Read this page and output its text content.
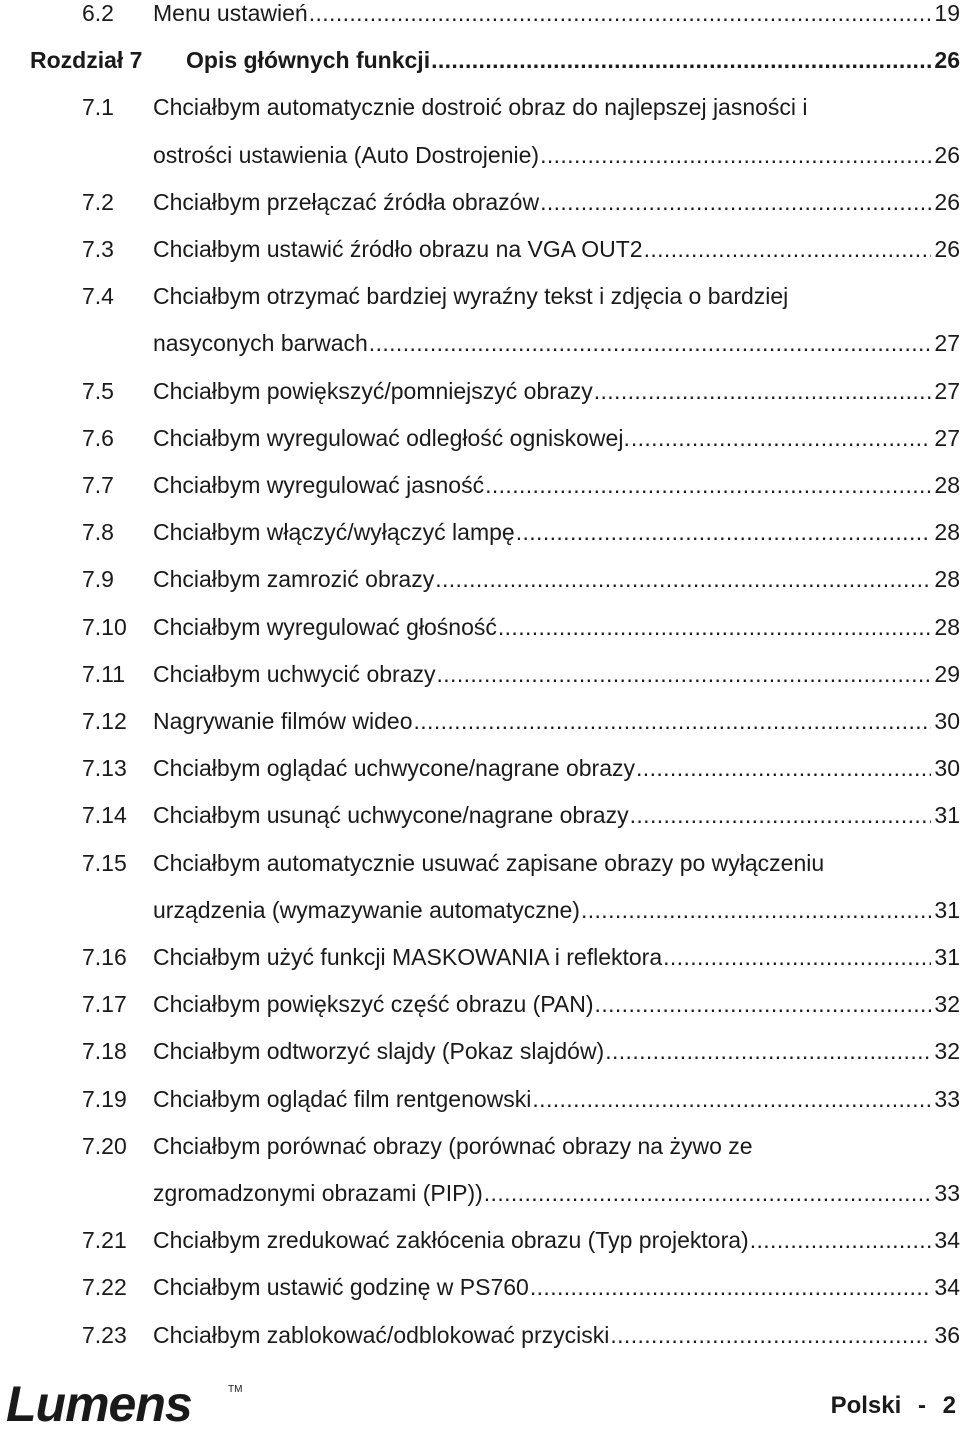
6.2 Menu ustawień . . .	19
Rozdział 7 Opis głównych funkcji . . .	26
7.1 Chciałbym automatycznie dostroić obraz do najlepszej jasności i
ostrości ustawienia (Auto Dostrojenie) . . .	26
7.2 Chciałbym przełączać źródła obrazów . . .	26
7.3 Chciałbym ustawić źródło obrazu na VGA OUT2 . . .	26
7.4 Chciałbym otrzymać bardziej wyraźny tekst i zdjęcia o bardziej
nasyconych barwach . . .	27
7.5 Chciałbym powiększyć/pomniejszyć obrazy . . .	27
7.6 Chciałbym wyregulować odległość ogniskowej. . . .	27
7.7 Chciałbym wyregulować jasność . . .	28
7.8 Chciałbym włączyć/wyłączyć lampę . . .	28
7.9 Chciałbym zamrozić obrazy . . .	28
7.10 Chciałbym wyregulować głośność . . .	28
7.11 Chciałbym uchwycić obrazy . . .	29
7.12 Nagrywanie filmów wideo . . .	30
7.13 Chciałbym oglądać uchwycone/nagrane obrazy . . .	30
7.14 Chciałbym usunąć uchwycone/nagrane obrazy . . .	31
7.15 Chciałbym automatycznie usuwać zapisane obrazy po wyłączeniu
urządzenia (wymazywanie automatyczne) . . .	31
7.16 Chciałbym użyć funkcji MASKOWANIA i reflektora . . .	31
7.17 Chciałbym powiększyć część obrazu (PAN) . . .	32
7.18 Chciałbym odtworzyć slajdy (Pokaz slajdów) . . .	32
7.19 Chciałbym oglądać film rentgenowski . . .	33
7.20 Chciałbym porównać obrazy (porównać obrazy na żywo ze
zgromadzonymi obrazami (PIP)) . . .	33
7.21 Chciałbym zredukować zakłócenia obrazu (Typ projektora) . . .	34
7.22 Chciałbym ustawić godzinę w PS760 . . .	34
7.23 Chciałbym zablokować/odblokować przyciski . . .	36
Lumens	TM
Polski - 2
